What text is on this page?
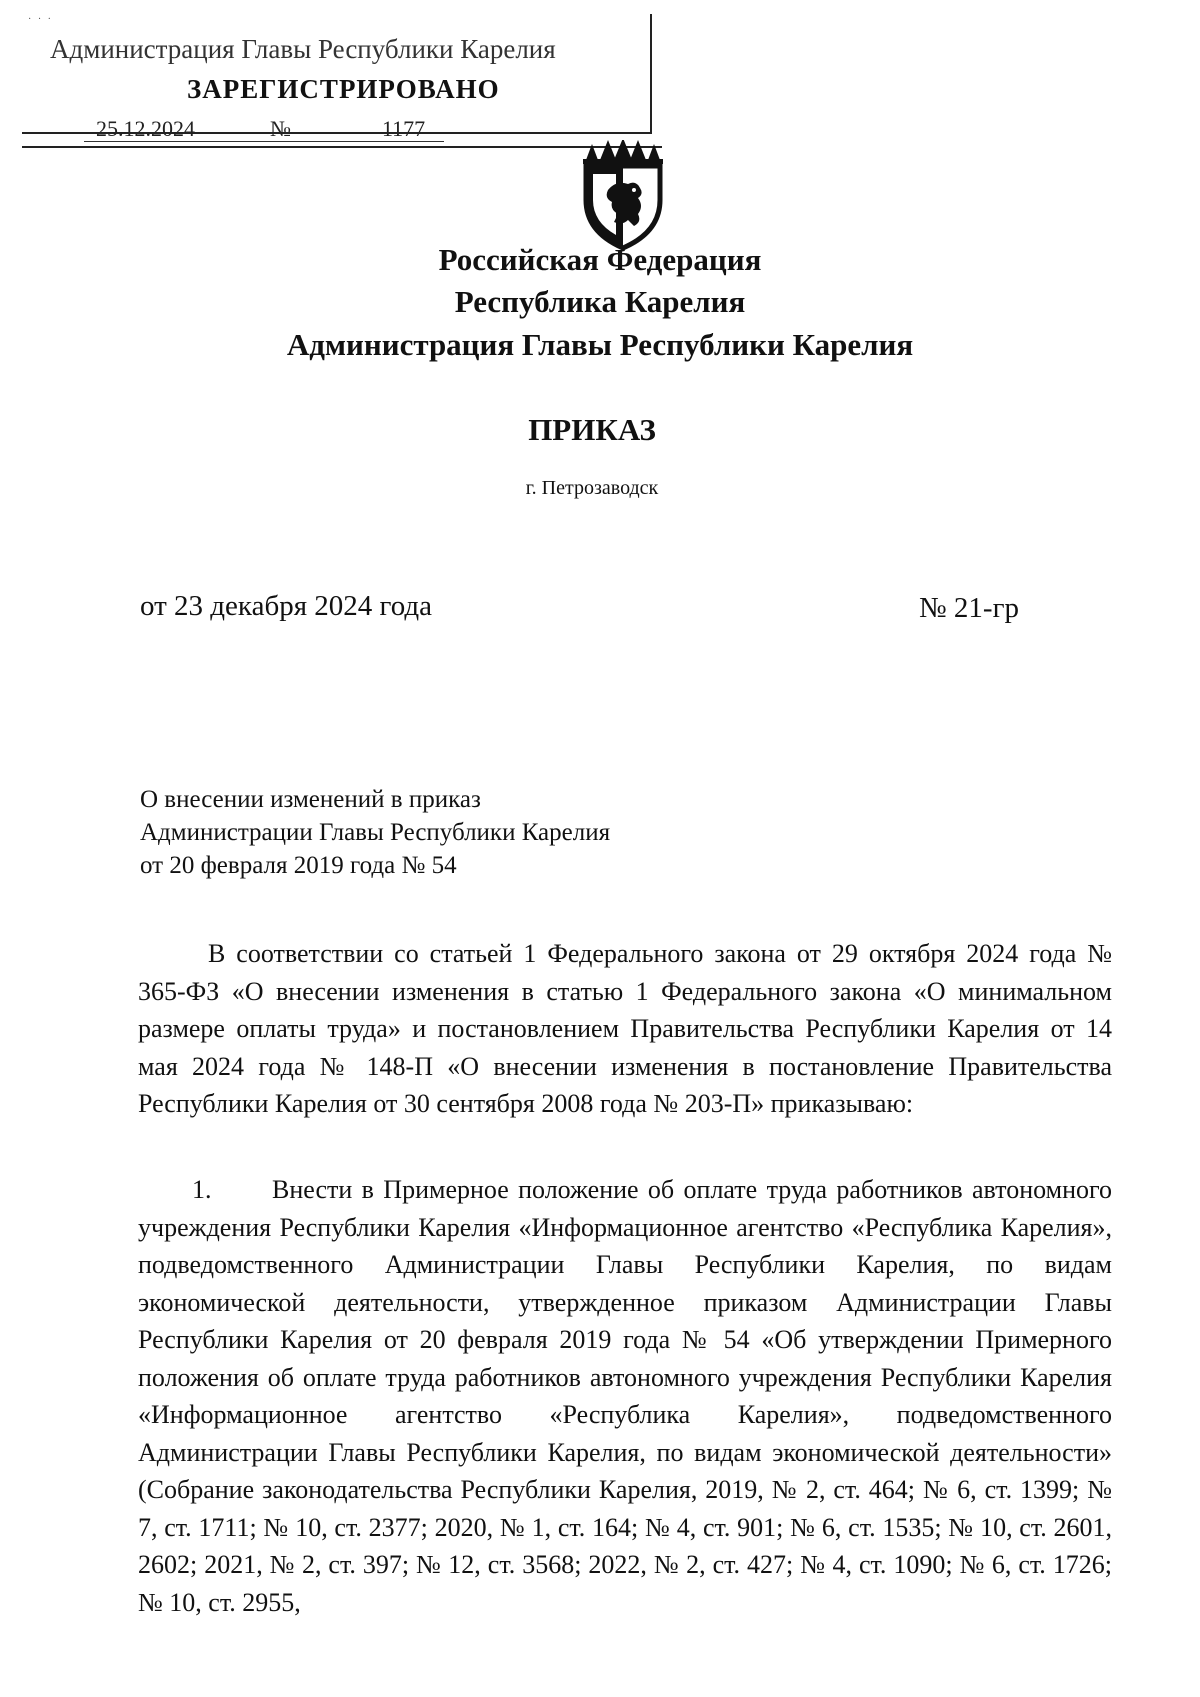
· · ·
Администрация Главы Республики Карелия
ЗАРЕГИСТРИРОВАНО
25.12.2024	№	1177
Российская Федерация
Республика Карелия
Администрация Главы Республики Карелия
ПРИКАЗ
г. Петрозаводск
от 23 декабря 2024 года	№ 21-гр
О внесении изменений в приказ
Администрации Главы Республики Карелия
от 20 февраля 2019 года № 54
В соответствии со статьей 1 Федерального закона от 29 октября 2024 года № 365-ФЗ «О внесении изменения в статью 1 Федерального закона «О минимальном размере оплаты труда» и постановлением Правительства Республики Карелия от 14 мая 2024 года № 148-П «О внесении изменения в постановление Правительства Республики Карелия от 30 сентября 2008 года № 203-П» приказываю:
1. Внести в Примерное положение об оплате труда работников автономного учреждения Республики Карелия «Информационное агентство «Республика Карелия», подведомственного Администрации Главы Республики Карелия, по видам экономической деятельности, утвержденное приказом Администрации Главы Республики Карелия от 20 февраля 2019 года № 54 «Об утверждении Примерного положения об оплате труда работников автономного учреждения Республики Карелия «Информационное агентство «Республика Карелия», подведомственного Администрации Главы Республики Карелия, по видам экономической деятельности» (Собрание законодательства Республики Карелия, 2019, № 2, ст. 464; № 6, ст. 1399; № 7, ст. 1711; № 10, ст. 2377; 2020, № 1, ст. 164; № 4, ст. 901; № 6, ст. 1535; № 10, ст. 2601, 2602; 2021, № 2, ст. 397; № 12, ст. 3568; 2022, № 2, ст. 427; № 4, ст. 1090; № 6, ст. 1726; № 10, ст. 2955,
